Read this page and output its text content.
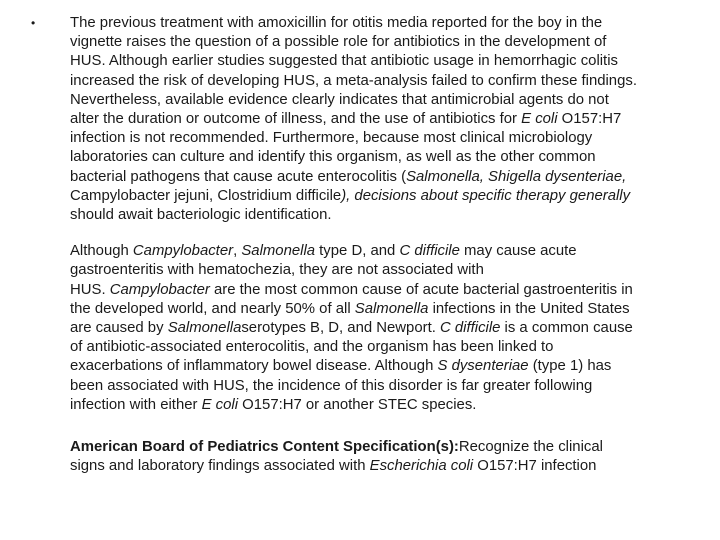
• The previous treatment with amoxicillin for otitis media reported for the boy in the
vignette raises the question of a possible role for antibiotics in the development of
HUS. Although earlier studies suggested that antibiotic usage in hemorrhagic colitis
increased the risk of developing HUS, a meta-analysis failed to confirm these findings.
Nevertheless, available evidence clearly indicates that antimicrobial agents do not
alter the duration or outcome of illness, and the use of antibiotics for E coli O157:H7
infection is not recommended. Furthermore, because most clinical microbiology
laboratories can culture and identify this organism, as well as the other common
bacterial pathogens that cause acute enterocolitis (Salmonella, Shigella dysenteriae,
Campylobacter jejuni, Clostridium difficile), decisions about specific therapy generally
should await bacteriologic identification.
Although Campylobacter, Salmonella type D, and C difficile may cause acute
gastroenteritis with hematochezia, they are not associated with
HUS. Campylobacter are the most common cause of acute bacterial gastroenteritis in
the developed world, and nearly 50% of all Salmonella infections in the United States
are caused by Salmonellaserotypes B, D, and Newport. C difficile is a common cause
of antibiotic-associated enterocolitis, and the organism has been linked to
exacerbations of inflammatory bowel disease. Although S dysenteriae (type 1) has
been associated with HUS, the incidence of this disorder is far greater following
infection with either E coli O157:H7 or another STEC species.
American Board of Pediatrics Content Specification(s):Recognize the clinical
signs and laboratory findings associated with Escherichia coli O157:H7 infection
